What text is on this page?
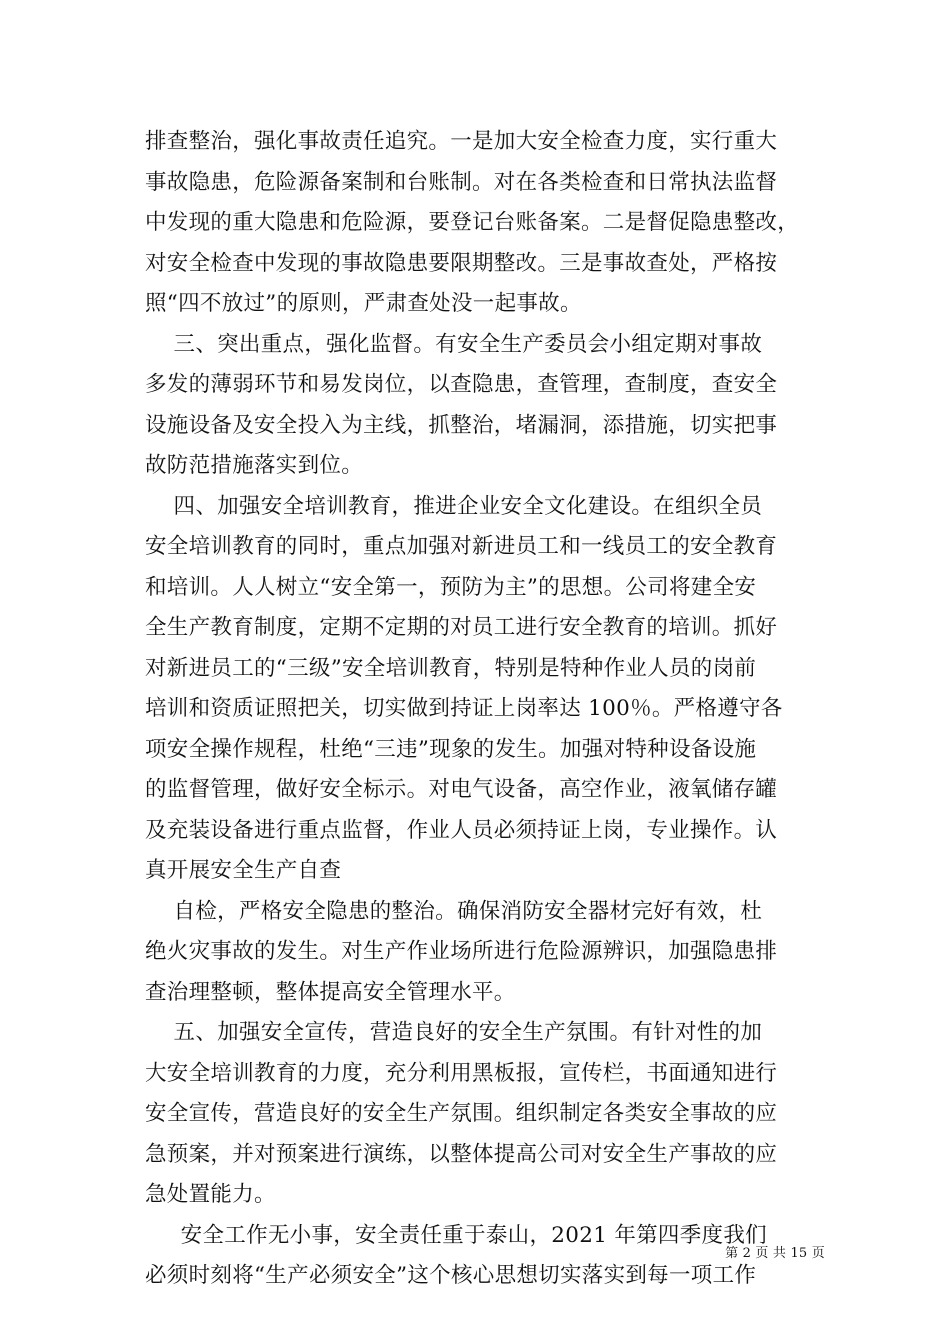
排查整治，强化事故责任追究。一是加大安全检查力度，实行重大
事故隐患，危险源备案制和台账制。对在各类检查和日常执法监督
中发现的重大隐患和危险源，要登记台账备案。二是督促隐患整改，
对安全检查中发现的事故隐患要限期整改。三是事故查处，严格按
照“四不放过”的原则，严肃查处没一起事故。
三、突出重点，强化监督。有安全生产委员会小组定期对事故
多发的薄弱环节和易发岗位，以查隐患，查管理，查制度，查安全
设施设备及安全投入为主线，抓整治，堵漏洞，添措施，切实把事
故防范措施落实到位。
四、加强安全培训教育，推进企业安全文化建设。在组织全员
安全培训教育的同时，重点加强对新进员工和一线员工的安全教育
和培训。人人树立“安全第一，预防为主”的思想。公司将建全安
全生产教育制度，定期不定期的对员工进行安全教育的培训。抓好
对新进员工的“三级”安全培训教育，特别是特种作业人员的岗前
培训和资质证照把关，切实做到持证上岗率达 100％。严格遵守各
项安全操作规程，杜绝“三违”现象的发生。加强对特种设备设施
的监督管理，做好安全标示。对电气设备，高空作业，液氧储存罐
及充装设备进行重点监督，作业人员必须持证上岗，专业操作。认
真开展安全生产自查
自检，严格安全隐患的整治。确保消防安全器材完好有效，杜
绝火灾事故的发生。对生产作业场所进行危险源辨识，加强隐患排
查治理整顿，整体提高安全管理水平。
五、加强安全宣传，营造良好的安全生产氛围。有针对性的加
大安全培训教育的力度，充分利用黑板报，宣传栏，书面通知进行
安全宣传，营造良好的安全生产氛围。组织制定各类安全事故的应
急预案，并对预案进行演练，以整体提高公司对安全生产事故的应
急处置能力。
安全工作无小事，安全责任重于泰山，2021 年第四季度我们
必须时刻将“生产必须安全”这个核心思想切实落实到每一项工作
第 2 页 共 15 页
